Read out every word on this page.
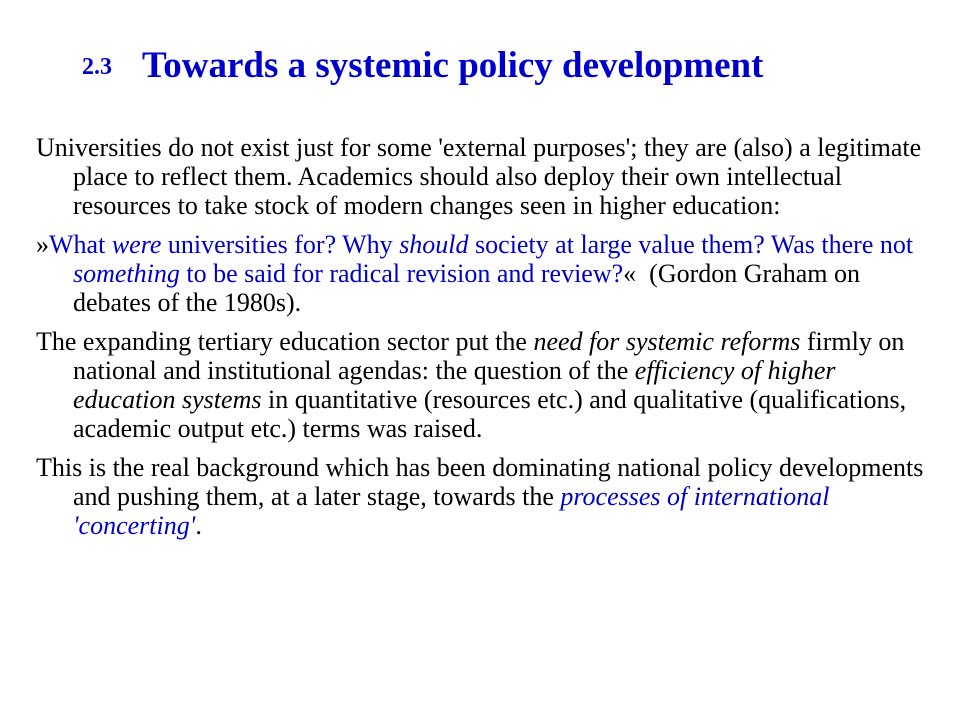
2.3 Towards a systemic policy development

Universities do not exist just for some 'external purposes'; they are (also) a legitimate place to reflect them. Academics should also deploy their own intellectual resources to take stock of modern changes seen in higher education:

»What were universities for? Why should society at large value them? Was there not something to be said for radical revision and review?«  (Gordon Graham on debates of the 1980s).

The expanding tertiary education sector put the need for systemic reforms firmly on national and institutional agendas: the question of the efficiency of higher education systems in quantitative (resources etc.) and qualitative (qualifications, academic output etc.) terms was raised.

This is the real background which has been dominating national policy developments and pushing them, at a later stage, towards the processes of international 'concerting'.
